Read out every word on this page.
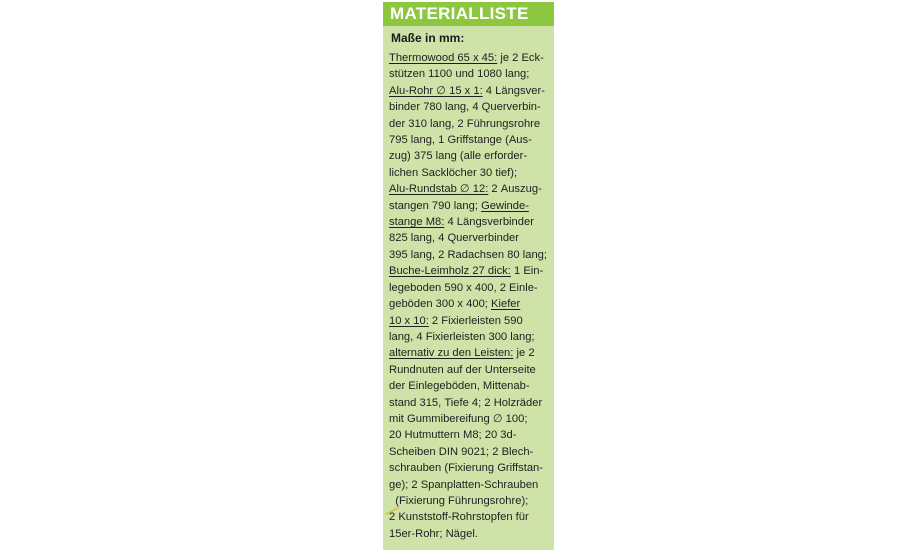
MATERIALLISTE
Maße in mm:
Thermowood 65 x 45: je 2 Eck-
stützen 1100 und 1080 lang;
Alu-Rohr ∅ 15 x 1: 4 Längsver-
binder 780 lang, 4 Querverbin-
der 310 lang, 2 Führungsrohre
795 lang, 1 Griffstange (Aus-
zug) 375 lang (alle erforder-
lichen Sacklöcher 30 tief);
Alu-Rundstab ∅ 12: 2 Auszug-
stangen 790 lang; Gewinde-
stange M8: 4 Längsverbinder
825 lang, 4 Querverbinder
395 lang, 2 Radachsen 80 lang;
Buche-Leimholz 27 dick: 1 Ein-
legeboden 590 x 400, 2 Einle-
geböden 300 x 400; Kiefer
10 x 10: 2 Fixierleisten 590
lang, 4 Fixierleisten 300 lang;
alternativ zu den Leisten: je 2
Rundnuten auf der Unterseite
der Einlegeböden, Mittenab-
stand 315, Tiefe 4; 2 Holzräder
mit Gummibereifung ∅ 100;
20 Hutmuttern M8; 20 3d-
Scheiben DIN 9021; 2 Blech-
schrauben (Fixierung Griffstan-
ge); 2 Spanplatten-Schrauben
(Fixierung Führungsrohre);
2 Kunststoff-Rohrstopfen für
15er-Rohr; Nägel.
